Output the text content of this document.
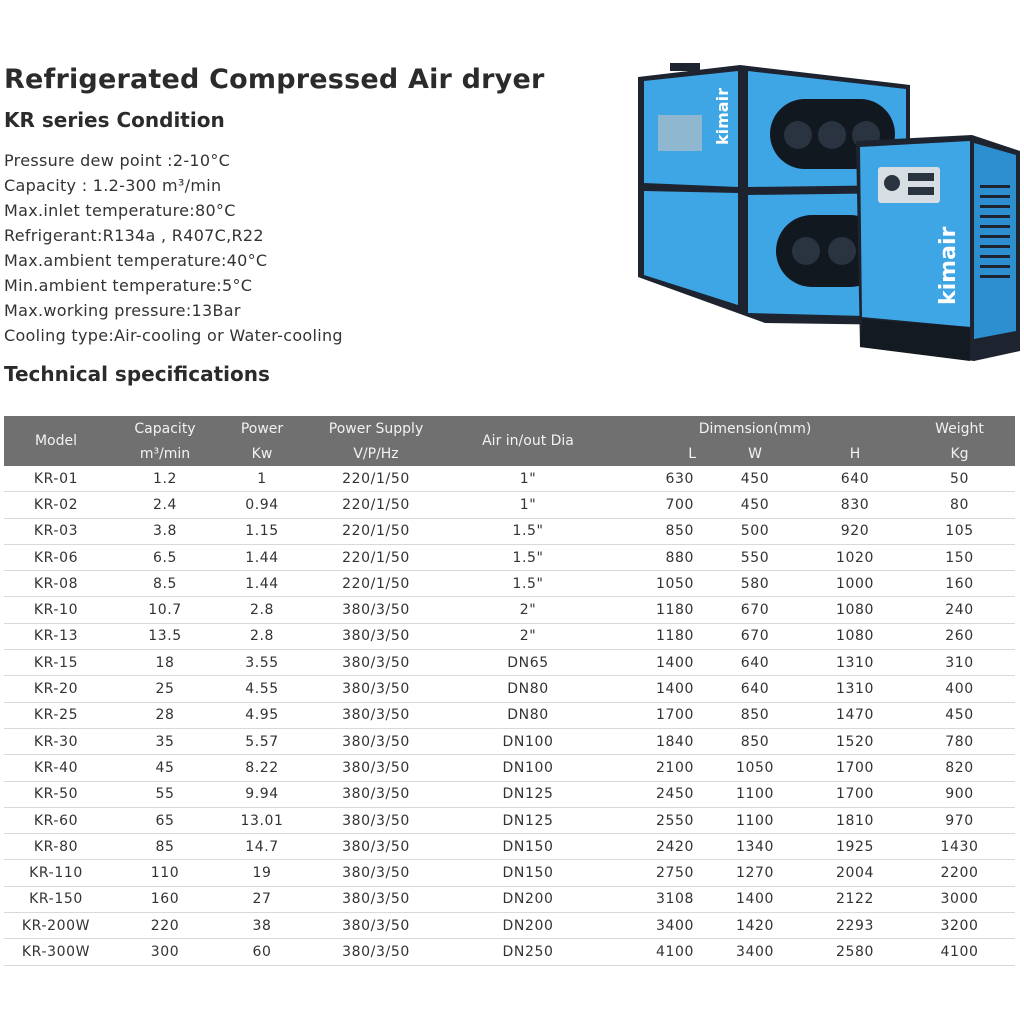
Refrigerated Compressed Air dryer
KR series Condition
Pressure dew point :2-10°C
Capacity : 1.2-300 m³/min
Max.inlet temperature:80°C
Refrigerant:R134a , R407C,R22
Max.ambient temperature:40°C
Min.ambient temperature:5°C
Max.working pressure:13Bar
Cooling type:Air-cooling or Water-cooling
Technical specifications
kimair
kimair
Model	Capacity	Power	Power Supply	Air in/out Dia	Dimension(mm)			Weight
	m³/min	Kw	V/P/Hz		L	W	H	Kg
KR-01	1.2	1	220/1/50	1"	630	450	640	50
KR-02	2.4	0.94	220/1/50	1"	700	450	830	80
KR-03	3.8	1.15	220/1/50	1.5"	850	500	920	105
KR-06	6.5	1.44	220/1/50	1.5"	880	550	1020	150
KR-08	8.5	1.44	220/1/50	1.5"	1050	580	1000	160
KR-10	10.7	2.8	380/3/50	2"	1180	670	1080	240
KR-13	13.5	2.8	380/3/50	2"	1180	670	1080	260
KR-15	18	3.55	380/3/50	DN65	1400	640	1310	310
KR-20	25	4.55	380/3/50	DN80	1400	640	1310	400
KR-25	28	4.95	380/3/50	DN80	1700	850	1470	450
KR-30	35	5.57	380/3/50	DN100	1840	850	1520	780
KR-40	45	8.22	380/3/50	DN100	2100	1050	1700	820
KR-50	55	9.94	380/3/50	DN125	2450	1100	1700	900
KR-60	65	13.01	380/3/50	DN125	2550	1100	1810	970
KR-80	85	14.7	380/3/50	DN150	2420	1340	1925	1430
KR-110	110	19	380/3/50	DN150	2750	1270	2004	2200
KR-150	160	27	380/3/50	DN200	3108	1400	2122	3000
KR-200W	220	38	380/3/50	DN200	3400	1420	2293	3200
KR-300W	300	60	380/3/50	DN250	4100	3400	2580	4100
